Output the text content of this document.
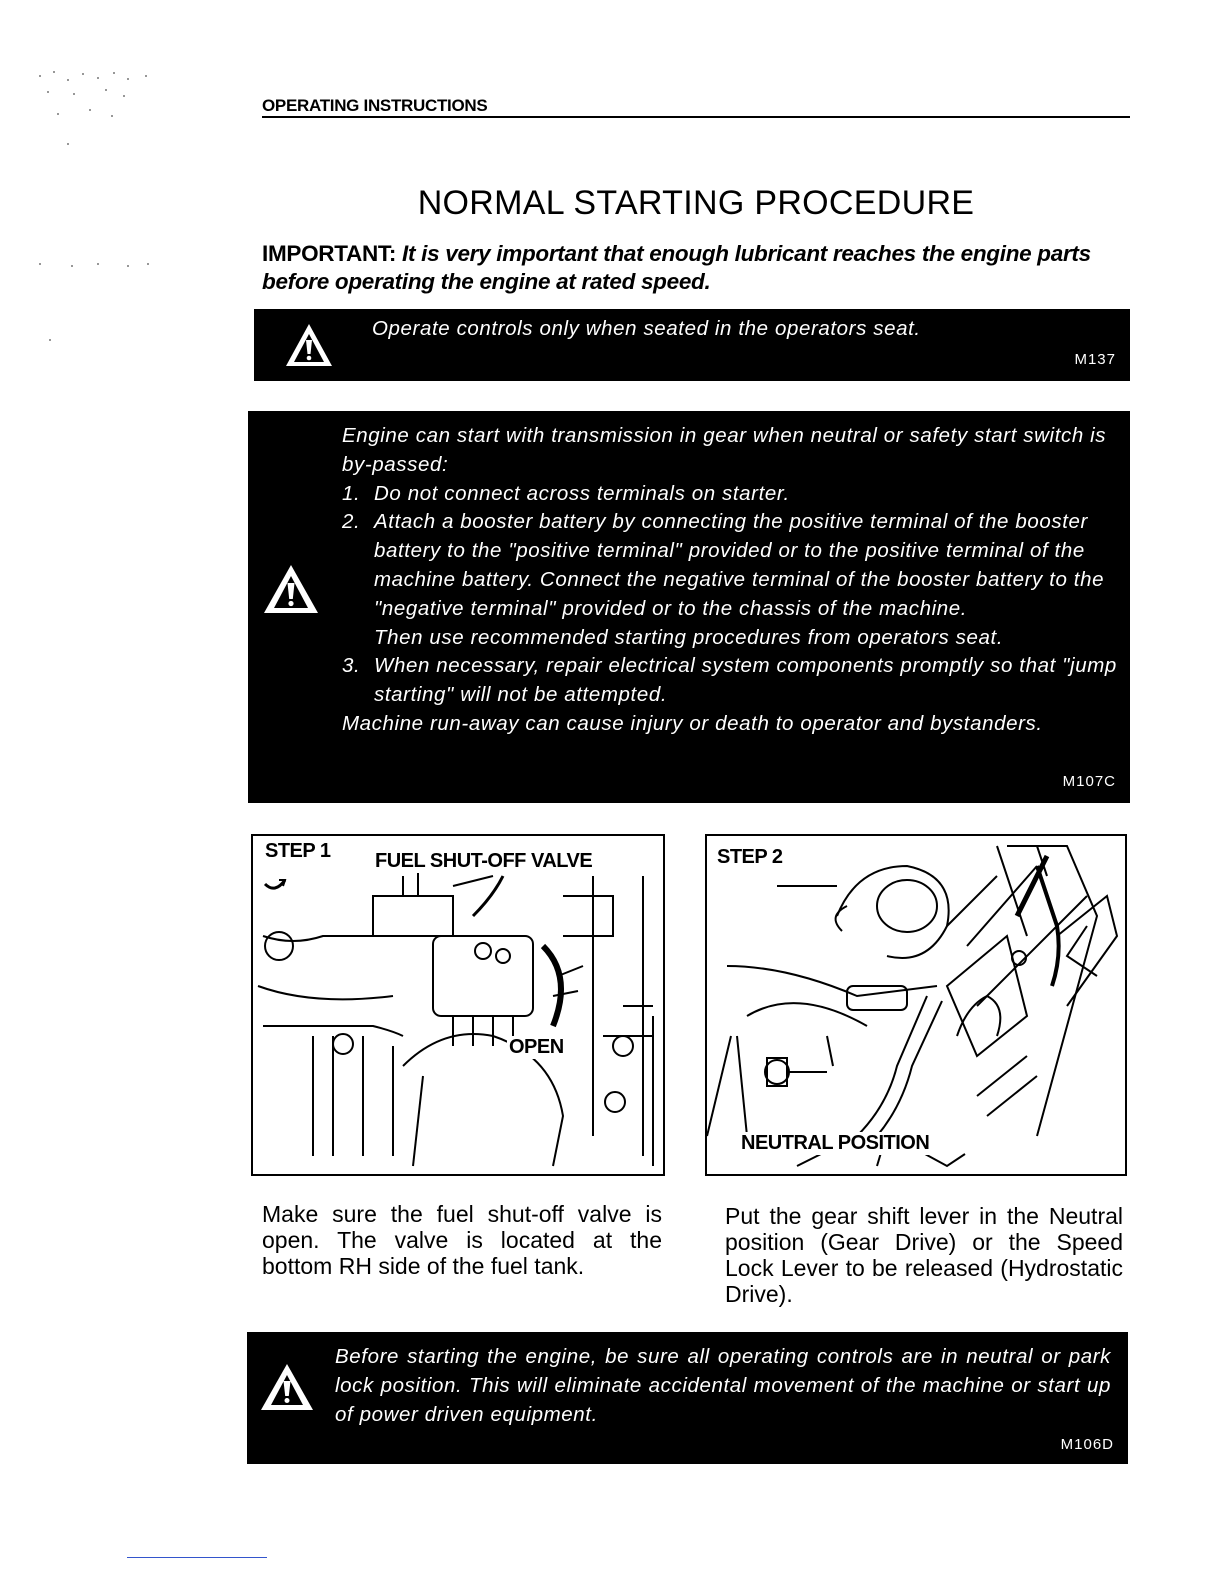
OPERATING INSTRUCTIONS
NORMAL STARTING PROCEDURE
IMPORTANT: It is very important that enough lubricant reaches the engine parts before operating the engine at rated speed.
Operate controls only when seated in the operators seat.
M137
Engine can start with transmission in gear when neutral or safety start switch is by-passed:
1. Do not connect across terminals on starter.
2. Attach a booster battery by connecting the positive terminal of the booster battery to the "positive terminal" provided or to the positive terminal of the machine battery. Connect the negative terminal of the booster battery to the "negative terminal" provided or to the chassis of the machine.
Then use recommended starting procedures from operators seat.
3. When necessary, repair electrical system components promptly so that "jump starting" will not be attempted.
Machine run-away can cause injury or death to operator and bystanders.
M107C
STEP 1 FUEL SHUT-OFF VALVE
OPEN
STEP 2
NEUTRAL POSITION
Make sure the fuel shut-off valve is open. The valve is located at the bottom RH side of the fuel tank.
Put the gear shift lever in the Neutral position (Gear Drive) or the Speed Lock Lever to be released (Hydrostatic Drive).
Before starting the engine, be sure all operating controls are in neutral or park lock position. This will eliminate accidental movement of the machine or start up of power driven equipment.
M106D
